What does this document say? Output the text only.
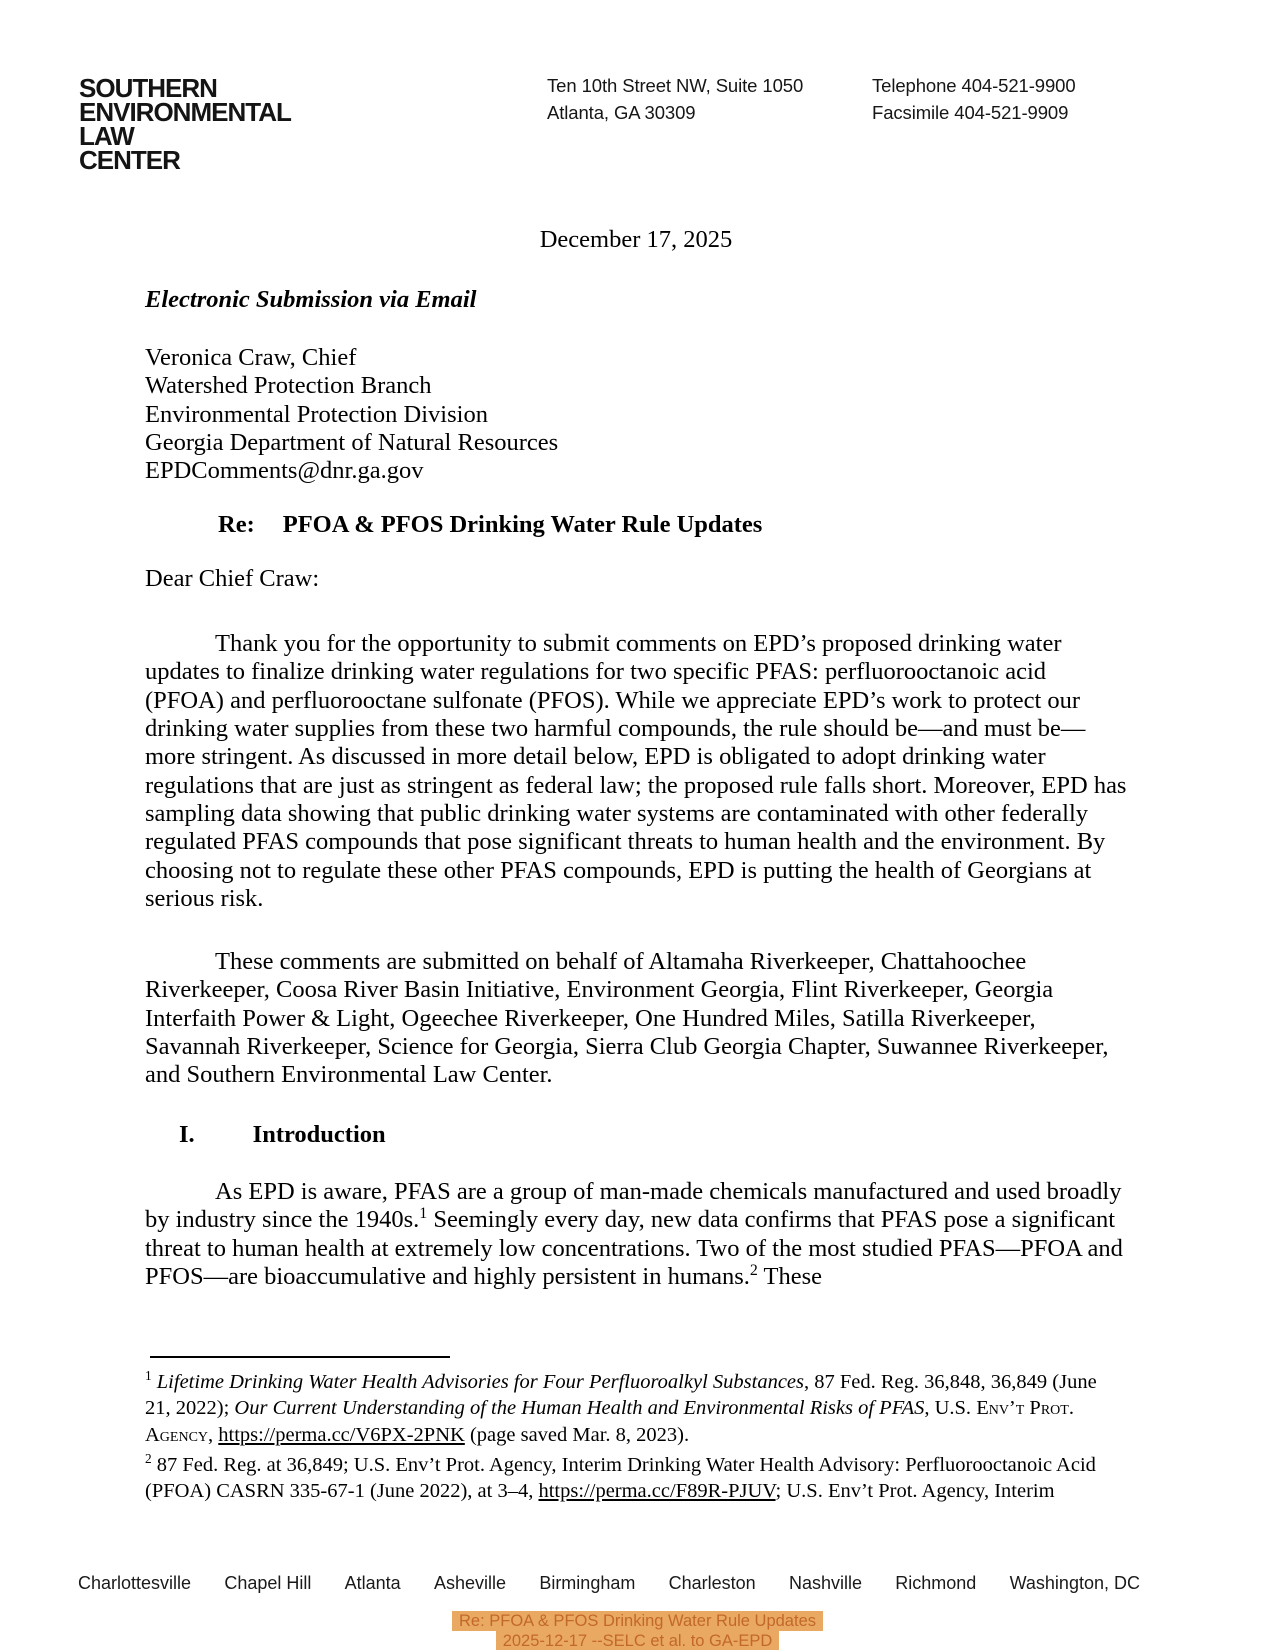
SOUTHERN
ENVIRONMENTAL
LAW
CENTER
Ten 10th Street NW, Suite 1050
Atlanta, GA 30309
Telephone 404-521-9900
Facsimile 404-521-9909
December 17, 2025
Electronic Submission via Email
Veronica Craw, Chief
Watershed Protection Branch
Environmental Protection Division
Georgia Department of Natural Resources
EPDComments@dnr.ga.gov
Re: PFOA & PFOS Drinking Water Rule Updates
Dear Chief Craw:
Thank you for the opportunity to submit comments on EPD’s proposed drinking water updates to finalize drinking water regulations for two specific PFAS: perfluorooctanoic acid (PFOA) and perfluorooctane sulfonate (PFOS). While we appreciate EPD’s work to protect our drinking water supplies from these two harmful compounds, the rule should be—and must be—more stringent. As discussed in more detail below, EPD is obligated to adopt drinking water regulations that are just as stringent as federal law; the proposed rule falls short. Moreover, EPD has sampling data showing that public drinking water systems are contaminated with other federally regulated PFAS compounds that pose significant threats to human health and the environment. By choosing not to regulate these other PFAS compounds, EPD is putting the health of Georgians at serious risk.
These comments are submitted on behalf of Altamaha Riverkeeper, Chattahoochee Riverkeeper, Coosa River Basin Initiative, Environment Georgia, Flint Riverkeeper, Georgia Interfaith Power & Light, Ogeechee Riverkeeper, One Hundred Miles, Satilla Riverkeeper, Savannah Riverkeeper, Science for Georgia, Sierra Club Georgia Chapter, Suwannee Riverkeeper, and Southern Environmental Law Center.
I. Introduction
As EPD is aware, PFAS are a group of man-made chemicals manufactured and used broadly by industry since the 1940s.$^1$ Seemingly every day, new data confirms that PFAS pose a significant threat to human health at extremely low concentrations. Two of the most studied PFAS—PFOA and PFOS—are bioaccumulative and highly persistent in humans.$^2$ These
$^1$ Lifetime Drinking Water Health Advisories for Four Perfluoroalkyl Substances, 87 Fed. Reg. 36,848, 36,849 (June 21, 2022); Our Current Understanding of the Human Health and Environmental Risks of PFAS, U.S. Env’t Prot. Agency, https://perma.cc/V6PX-2PNK (page saved Mar. 8, 2023).
$^2$ 87 Fed. Reg. at 36,849; U.S. Env’t Prot. Agency, Interim Drinking Water Health Advisory: Perfluorooctanoic Acid (PFOA) CASRN 335-67-1 (June 2022), at 3–4, https://perma.cc/F89R-PJUV; U.S. Env’t Prot. Agency, Interim
Charlottesville Chapel Hill Atlanta Asheville Birmingham Charleston Nashville Richmond Washington, DC
Re: PFOA & PFOS Drinking Water Rule Updates
2025-12-17 --SELC et al. to GA-EPD
